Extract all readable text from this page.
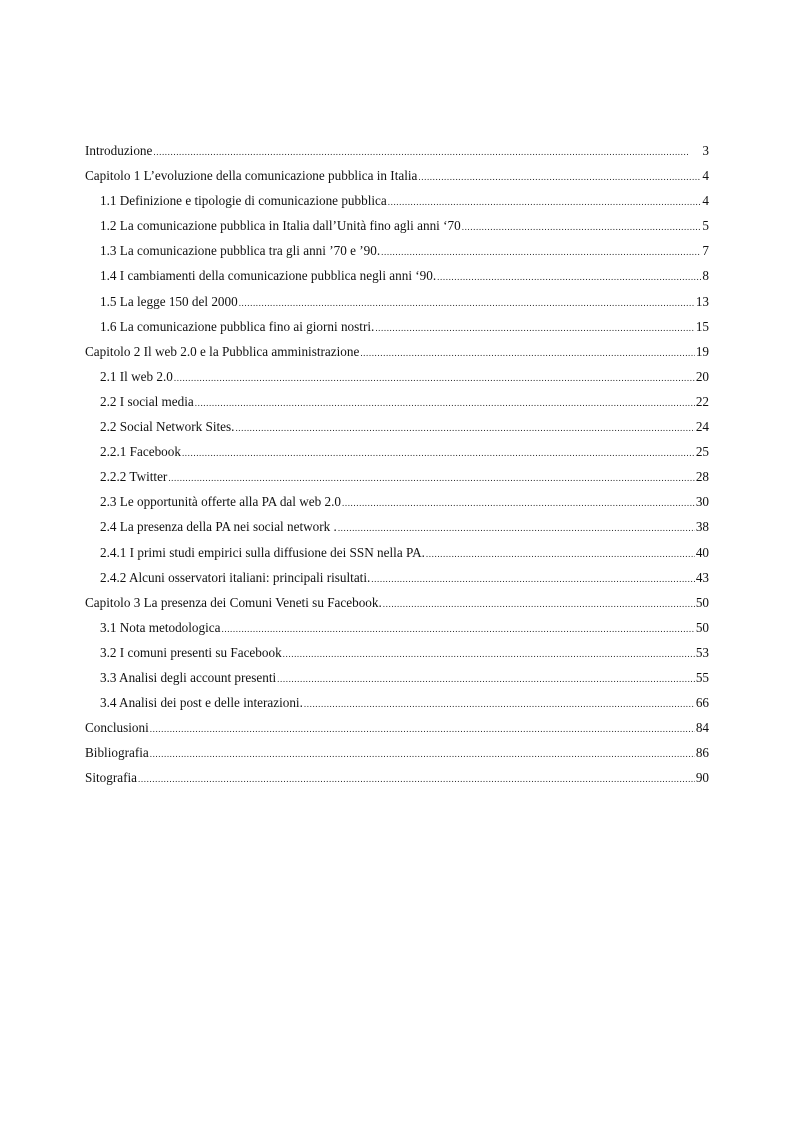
Introduzione .....	3
Capitolo 1 L’evoluzione della comunicazione pubblica in Italia .....	4
1.1 Definizione e tipologie di comunicazione pubblica .....	4
1.2 La comunicazione pubblica in Italia dall’Unità fino agli anni ‘70 .....	5
1.3 La comunicazione pubblica tra gli anni ’70 e ’90. .....	7
1.4 I cambiamenti della comunicazione pubblica negli anni ‘90. .....	8
1.5 La legge 150 del 2000 .....	13
1.6 La comunicazione pubblica fino ai giorni nostri. .....	15
Capitolo 2 Il web 2.0 e la Pubblica amministrazione .....	19
2.1 Il web 2.0 .....	20
2.2 I social media .....	22
2.2 Social Network Sites. .....	24
2.2.1 Facebook .....	25
2.2.2 Twitter .....	28
2.3 Le opportunità offerte alla PA dal web 2.0 .....	30
2.4 La presenza della PA nei social network . .....	38
2.4.1 I primi studi empirici sulla diffusione dei SSN nella PA. .....	40
2.4.2 Alcuni osservatori italiani: principali risultati. .....	43
Capitolo 3 La presenza dei Comuni Veneti su Facebook. .....	50
3.1 Nota metodologica .....	50
3.2 I comuni presenti su Facebook .....	53
3.3 Analisi degli account presenti .....	55
3.4 Analisi dei post e delle interazioni. .....	66
Conclusioni .....	84
Bibliografia .....	86
Sitografia .....	90
